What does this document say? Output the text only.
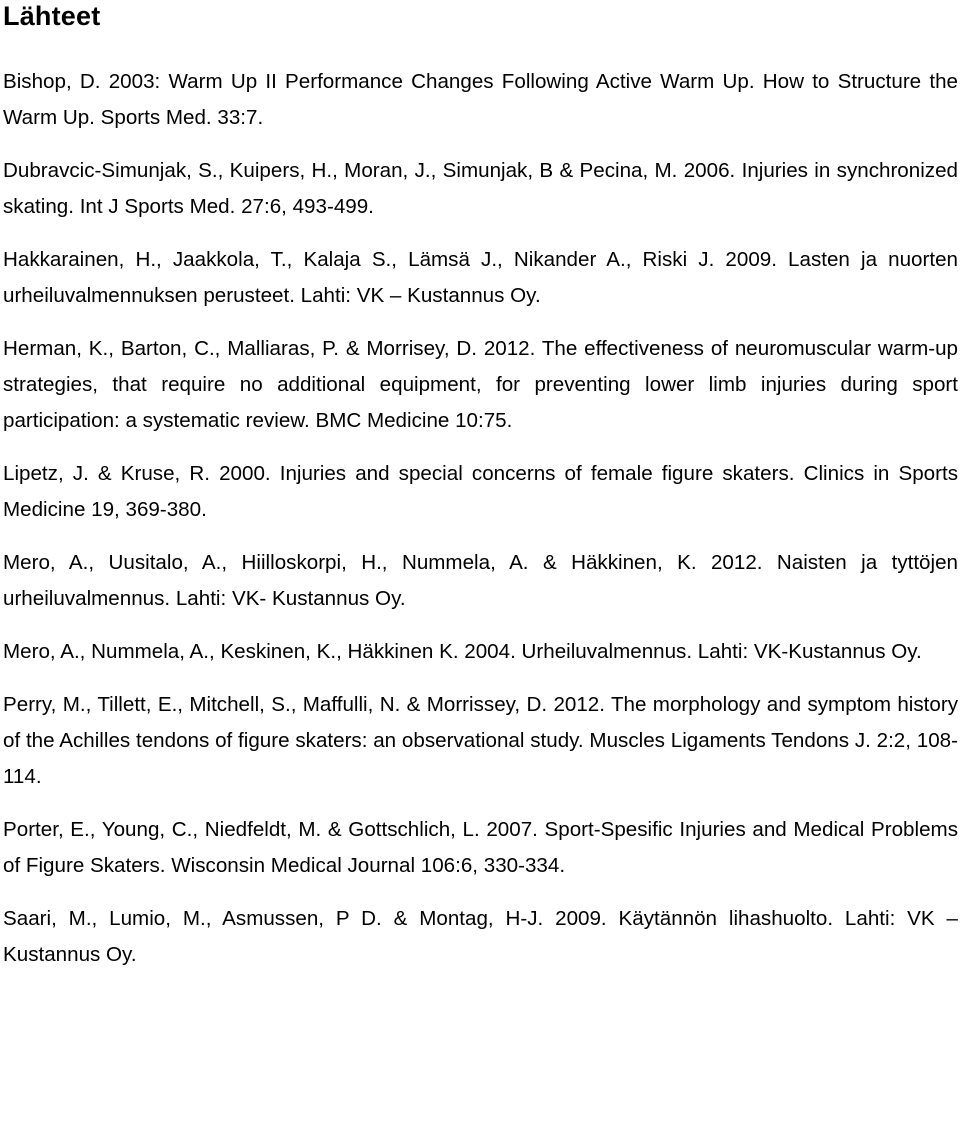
Lähteet
Bishop, D. 2003: Warm Up II Performance Changes Following Active Warm Up. How to Structure the Warm Up. Sports Med. 33:7.
Dubravcic-Simunjak, S., Kuipers, H., Moran, J., Simunjak, B & Pecina, M. 2006. Injuries in synchronized skating. Int J Sports Med. 27:6, 493-499.
Hakkarainen, H., Jaakkola, T., Kalaja S., Lämsä J., Nikander A., Riski J. 2009. Lasten ja nuorten urheiluvalmennuksen perusteet. Lahti: VK – Kustannus Oy.
Herman, K., Barton, C., Malliaras, P. & Morrisey, D. 2012. The effectiveness of neuromuscular warm-up strategies, that require no additional equipment, for preventing lower limb injuries during sport participation: a systematic review. BMC Medicine 10:75.
Lipetz, J. & Kruse, R. 2000. Injuries and special concerns of female figure skaters. Clinics in Sports Medicine 19, 369-380.
Mero, A., Uusitalo, A., Hiilloskorpi, H., Nummela, A. & Häkkinen, K. 2012. Naisten ja tyttöjen urheiluvalmennus. Lahti: VK- Kustannus Oy.
Mero, A., Nummela, A., Keskinen, K., Häkkinen K. 2004. Urheiluvalmennus. Lahti: VK-Kustannus Oy.
Perry, M., Tillett, E., Mitchell, S., Maffulli, N. & Morrissey, D. 2012. The morphology and symptom history of the Achilles tendons of figure skaters: an observational study. Muscles Ligaments Tendons J. 2:2, 108-114.
Porter, E., Young, C., Niedfeldt, M. & Gottschlich, L. 2007. Sport-Spesific Injuries and Medical Problems of Figure Skaters. Wisconsin Medical Journal 106:6, 330-334.
Saari, M., Lumio, M., Asmussen, P D. & Montag, H-J. 2009. Käytännön lihashuolto. Lahti: VK – Kustannus Oy.
